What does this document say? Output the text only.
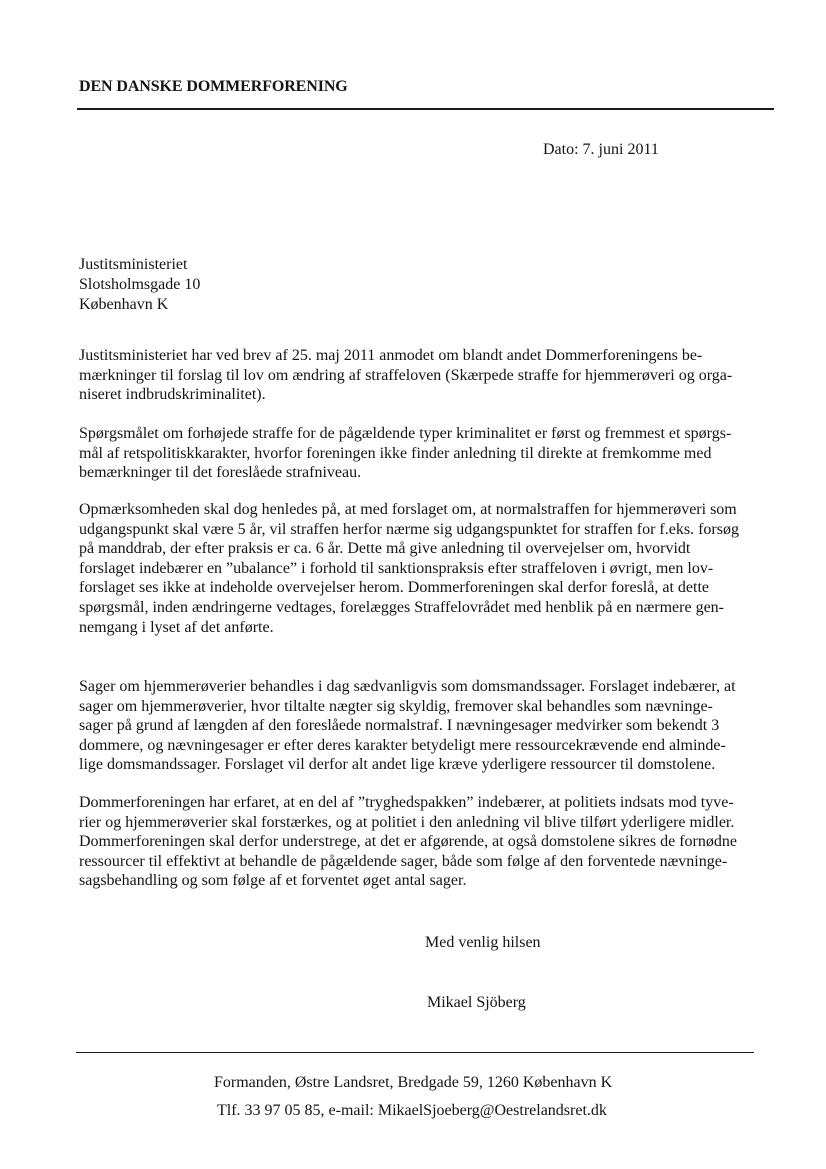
DEN DANSKE DOMMERFORENING
Dato: 7. juni 2011
Justitsministeriet
Slotsholmsgade 10
København K

Justitsministeriet har ved brev af 25. maj 2011 anmodet om blandt andet Dommerforeningens be-
mærkninger til forslag til lov om ændring af straffeloven (Skærpede straffe for hjemmerøveri og orga-
niseret indbrudskriminalitet).

Spørgsmålet om forhøjede straffe for de pågældende typer kriminalitet er først og fremmest et spørgs-
mål af retspolitiskkarakter, hvorfor foreningen ikke finder anledning til direkte at fremkomme med
bemærkninger til det foreslåede strafniveau.

Opmærksomheden skal dog henledes på, at med forslaget om, at normalstraffen for hjemmerøveri som
udgangspunkt skal være 5 år, vil straffen herfor nærme sig udgangspunktet for straffen for f.eks. forsøg
på manddrab, der efter praksis er ca. 6 år. Dette må give anledning til overvejelser om, hvorvidt
forslaget indebærer en ”ubalance” i forhold til sanktionspraksis efter straffeloven i øvrigt, men lov-
forslaget ses ikke at indeholde overvejelser herom. Dommerforeningen skal derfor foreslå, at dette
spørgsmål, inden ændringerne vedtages, forelægges Straffelovrådet med henblik på en nærmere gen-
nemgang i lyset af det anførte.

Sager om hjemmerøverier behandles i dag sædvanligvis som domsmandssager. Forslaget indebærer, at
sager om hjemmerøverier, hvor tiltalte nægter sig skyldig, fremover skal behandles som nævninge-
sager på grund af længden af den foreslåede normalstraf. I nævningesager medvirker som bekendt 3
dommere, og nævningesager er efter deres karakter betydeligt mere ressourcekrævende end alminde-
lige domsmandssager. Forslaget vil derfor alt andet lige kræve yderligere ressourcer til domstolene.

Dommerforeningen har erfaret, at en del af ”tryghedspakken” indebærer, at politiets indsats mod tyve-
rier og hjemmerøverier skal forstærkes, og at politiet i den anledning vil blive tilført yderligere midler.
Dommerforeningen skal derfor understrege, at det er afgørende, at også domstolene sikres de fornødne
ressourcer til effektivt at behandle de pågældende sager, både som følge af den forventede nævninge-
sagsbehandling og som følge af et forventet øget antal sager.

Med venlig hilsen
Mikael Sjöberg
Formanden, Østre Landsret, Bredgade 59, 1260 København K
Tlf. 33 97 05 85, e-mail: MikaelSjoeberg@Oestrelandsret.dk
